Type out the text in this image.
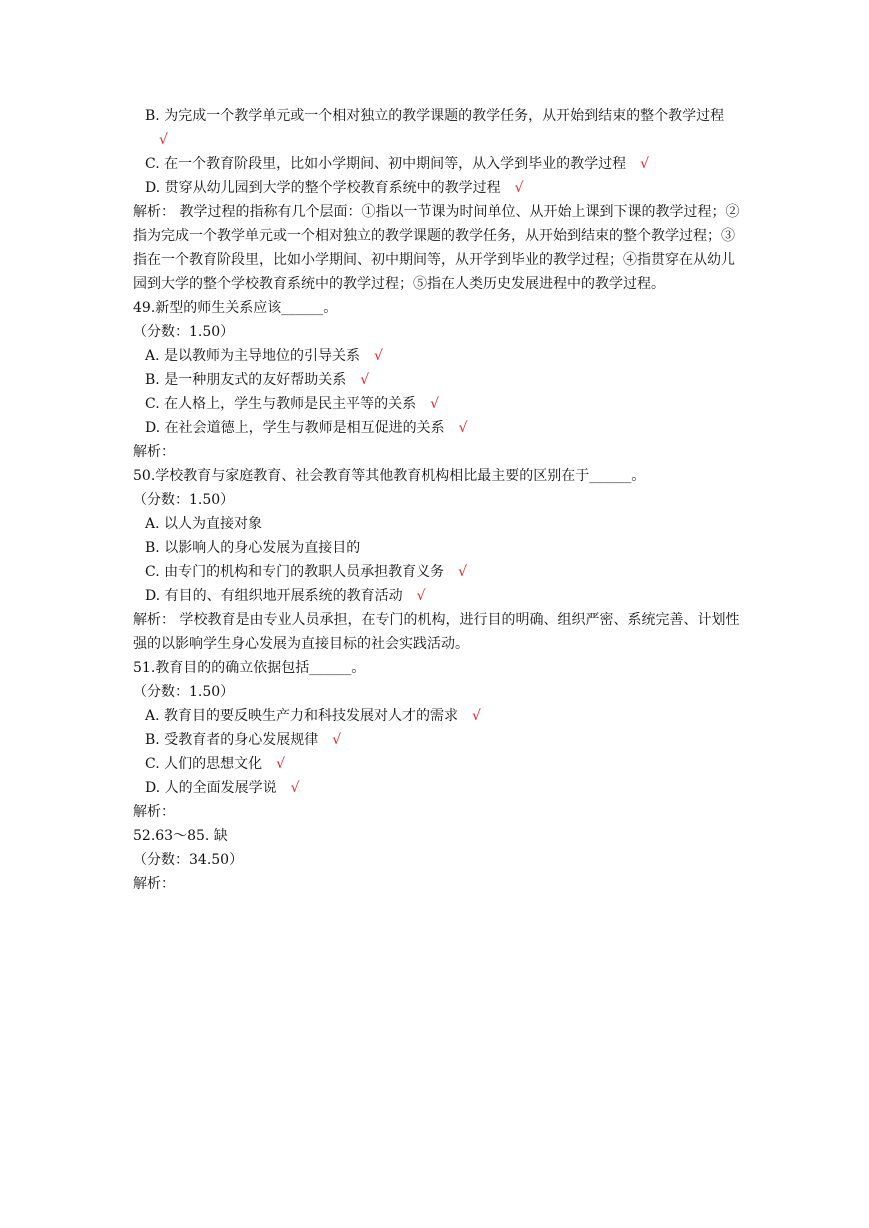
B. 为完成一个教学单元或一个相对独立的教学课题的教学任务，从开始到结束的整个教学过程√
C. 在一个教育阶段里，比如小学期间、初中期间等，从入学到毕业的教学过程 √
D. 贯穿从幼儿园到大学的整个学校教育系统中的教学过程 √
解析： 教学过程的指称有几个层面：①指以一节课为时间单位、从开始上课到下课的教学过程；②指为完成一个教学单元或一个相对独立的教学课题的教学任务，从开始到结束的整个教学过程；③指在一个教育阶段里，比如小学期间、初中期间等，从开学到毕业的教学过程；④指贯穿在从幼儿园到大学的整个学校教育系统中的教学过程；⑤指在人类历史发展进程中的教学过程。
49.新型的师生关系应该______。
（分数：1.50）
A. 是以教师为主导地位的引导关系 √
B. 是一种朋友式的友好帮助关系 √
C. 在人格上，学生与教师是民主平等的关系 √
D. 在社会道德上，学生与教师是相互促进的关系 √
解析：
50.学校教育与家庭教育、社会教育等其他教育机构相比最主要的区别在于______。
（分数：1.50）
A. 以人为直接对象
B. 以影响人的身心发展为直接目的
C. 由专门的机构和专门的教职人员承担教育义务 √
D. 有目的、有组织地开展系统的教育活动 √
解析： 学校教育是由专业人员承担，在专门的机构，进行目的明确、组织严密、系统完善、计划性强的以影响学生身心发展为直接目标的社会实践活动。
51.教育目的的确立依据包括______。
（分数：1.50）
A. 教育目的要反映生产力和科技发展对人才的需求 √
B. 受教育者的身心发展规律 √
C. 人们的思想文化 √
D. 人的全面发展学说 √
解析：
52.63～85. 缺
（分数：34.50）
解析：
